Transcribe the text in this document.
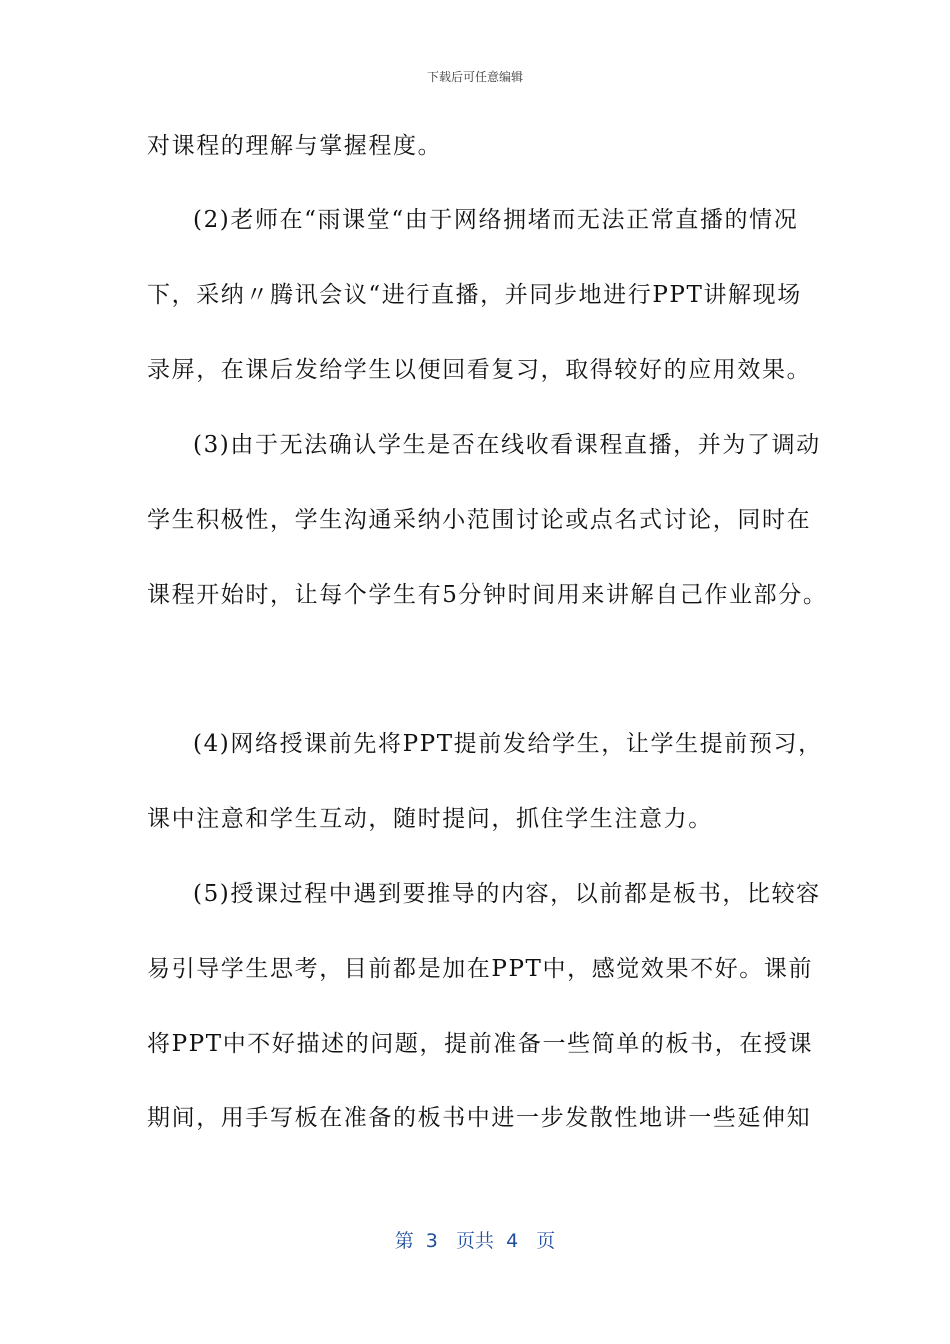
下载后可任意编辑
对课程的理解与掌握程度。
(2)老师在“雨课堂“由于网络拥堵而无法正常直播的情况
下，采纳〃腾讯会议“进行直播，并同步地进行PPT讲解现场
录屏，在课后发给学生以便回看复习，取得较好的应用效果。
(3)由于无法确认学生是否在线收看课程直播，并为了调动
学生积极性，学生沟通采纳小范围讨论或点名式讨论，同时在
课程开始时，让每个学生有5分钟时间用来讲解自己作业部分。
(4)网络授课前先将PPT提前发给学生，让学生提前预习，
课中注意和学生互动，随时提问，抓住学生注意力。
(5)授课过程中遇到要推导的内容，以前都是板书，比较容
易引导学生思考，目前都是加在PPT中，感觉效果不好。课前
将PPT中不好描述的问题，提前准备一些简单的板书，在授课
期间，用手写板在准备的板书中进一步发散性地讲一些延伸知
第  3   页共  4   页
